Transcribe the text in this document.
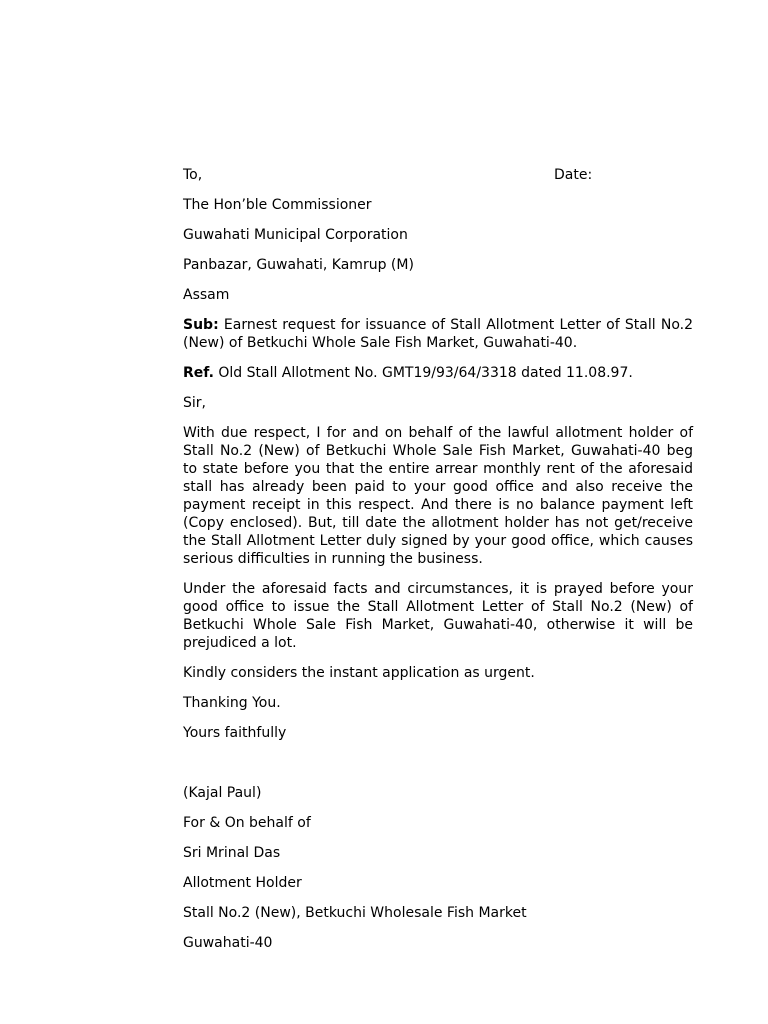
To,	Date:
The Hon’ble Commissioner
Guwahati Municipal Corporation
Panbazar, Guwahati, Kamrup (M)
Assam
Sub: Earnest request for issuance of Stall Allotment Letter of Stall No.2 (New) of Betkuchi Whole Sale Fish Market, Guwahati-40.
Ref. Old Stall Allotment No. GMT19/93/64/3318 dated 11.08.97.
Sir,
With due respect, I for and on behalf of the lawful allotment holder of Stall No.2 (New) of Betkuchi Whole Sale Fish Market, Guwahati-40 beg to state before you that the entire arrear monthly rent of the aforesaid stall has already been paid to your good office and also receive the payment receipt in this respect. And there is no balance payment left (Copy enclosed). But, till date the allotment holder has not get/receive the Stall Allotment Letter duly signed by your good office, which causes serious difficulties in running the business.
Under the aforesaid facts and circumstances, it is prayed before your good office to issue the Stall Allotment Letter of Stall No.2 (New) of Betkuchi Whole Sale Fish Market, Guwahati-40, otherwise it will be prejudiced a lot.
Kindly considers the instant application as urgent.
Thanking You.
Yours faithfully
(Kajal Paul)
For & On behalf of
Sri Mrinal Das
Allotment Holder
Stall No.2 (New), Betkuchi Wholesale Fish Market
Guwahati-40
